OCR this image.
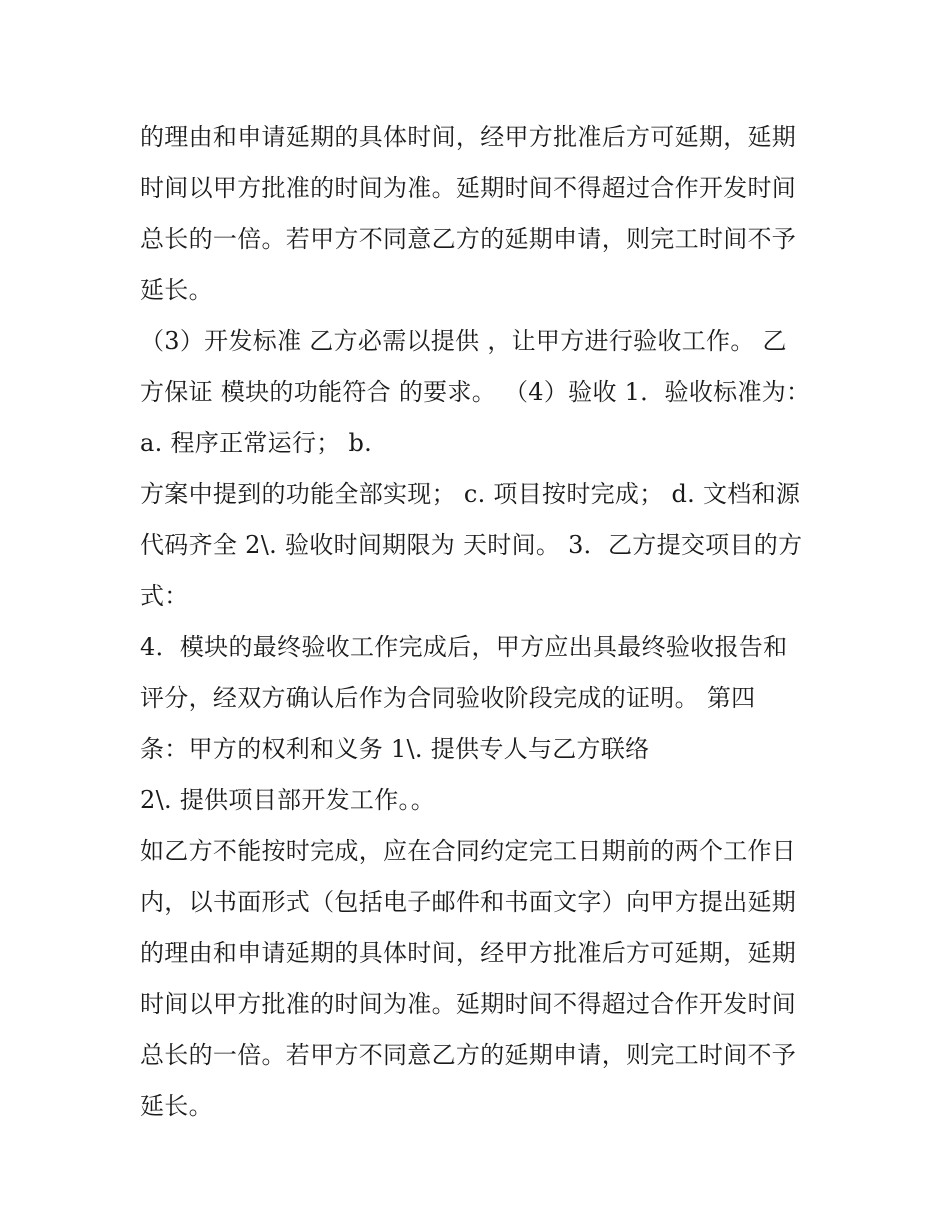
的理由和申请延期的具体时间，经甲方批准后方可延期，延期
时间以甲方批准的时间为准。延期时间不得超过合作开发时间
总长的一倍。若甲方不同意乙方的延期申请，则完工时间不予
延长。
（3）开发标准 乙方必需以提供 ，让甲方进行验收工作。 乙
方保证 模块的功能符合 的要求。 （4）验收 1．验收标准为：
a. 程序正常运行； b.
方案中提到的功能全部实现； c. 项目按时完成； d. 文档和源
代码齐全 2\. 验收时间期限为 天时间。 3．乙方提交项目的方
式：
4．模块的最终验收工作完成后，甲方应出具最终验收报告和
评分，经双方确认后作为合同验收阶段完成的证明。 第四
条：甲方的权利和义务 1\. 提供专人与乙方联络
2\. 提供项目部开发工作。。
如乙方不能按时完成，应在合同约定完工日期前的两个工作日
内，以书面形式（包括电子邮件和书面文字）向甲方提出延期
的理由和申请延期的具体时间，经甲方批准后方可延期，延期
时间以甲方批准的时间为准。延期时间不得超过合作开发时间
总长的一倍。若甲方不同意乙方的延期申请，则完工时间不予
延长。
